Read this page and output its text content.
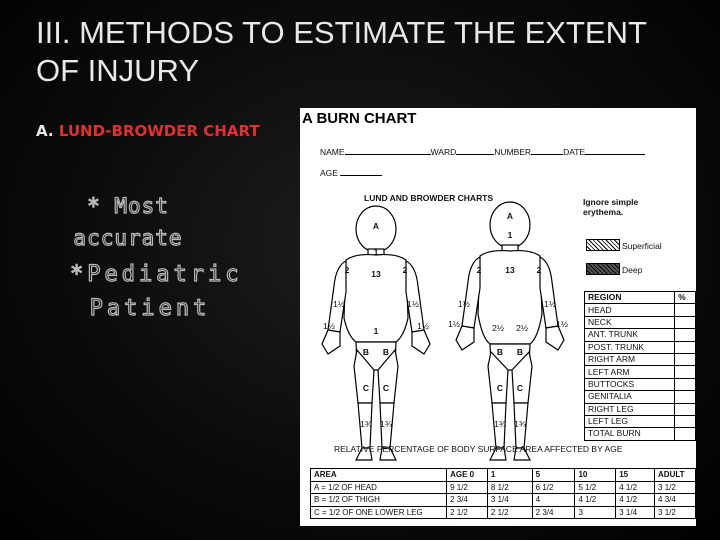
III. METHODS TO ESTIMATE THE EXTENT OF INJURY
A. LUND-BROWDER CHART
* Most accurate
*Pediatric Patient
A BURN CHART
NAME	WARD	NUMBER	DATE
AGE
LUND AND BROWDER CHARTS	Ignore simple erythema.
Superficial
Deep
A
1
2	13	2
1½	1½
1½	1½
1
B B
C C
1¾ 1¾
A
1
2	13	2
1½	1½
1½	1½
2½ 2½
B B
C C
1¾ 1¾
REGION	%
HEAD	
NECK	
ANT. TRUNK	
POST. TRUNK	
RIGHT ARM	
LEFT ARM	
BUTTOCKS	
GENITALIA	
RIGHT LEG	
LEFT LEG	
TOTAL BURN	
RELATIVE PERCENTAGE OF BODY SURFACE AREA AFFECTED BY AGE
AREA	AGE 0	1	5	10	15	ADULT
A = 1/2 OF HEAD	9 1/2	8 1/2	6 1/2	5 1/2	4 1/2	3 1/2
B = 1/2 OF THIGH	2 3/4	3 1/4	4	4 1/2	4 1/2	4 3/4
C = 1/2 OF ONE LOWER LEG	2 1/2	2 1/2	2 3/4	3	3 1/4	3 1/2
